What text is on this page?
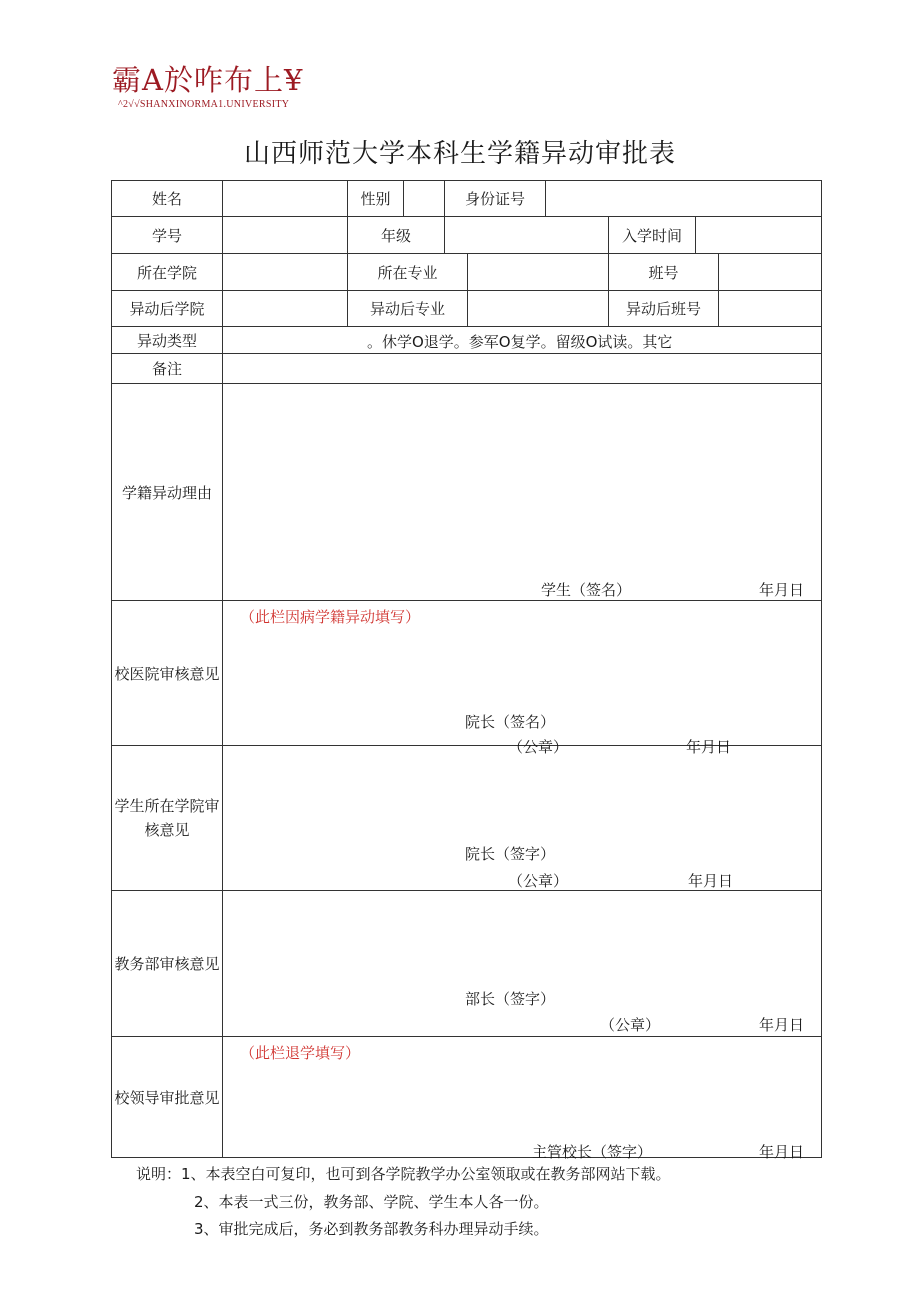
霸A於咋布上¥
^2√√SHANXINORMA1.UNIVERSITY
山西师范大学本科生学籍异动审批表
姓名	性别	身份证号
学号	年级	入学时间
所在学院	所在专业	班号
异动后学院	异动后专业	异动后班号
异动类型	。休学O退学。参军O复学。留级O试读。其它
备注
学籍异动理由
学生（签名）	年月日
校医院审核意见
（此栏因病学籍异动填写）
院长（签名）
（公章）	年月日
学生所在学院审核意见
院长（签字）
（公章）	年月日
教务部审核意见
部长（签字）
（公章）	年月日
校领导审批意见
（此栏退学填写）
主管校长（签字）	年月日
说明：1、本表空白可复印，也可到各学院教学办公室领取或在教务部网站下载。
2、本表一式三份，教务部、学院、学生本人各一份。
3、审批完成后，务必到教务部教务科办理异动手续。
